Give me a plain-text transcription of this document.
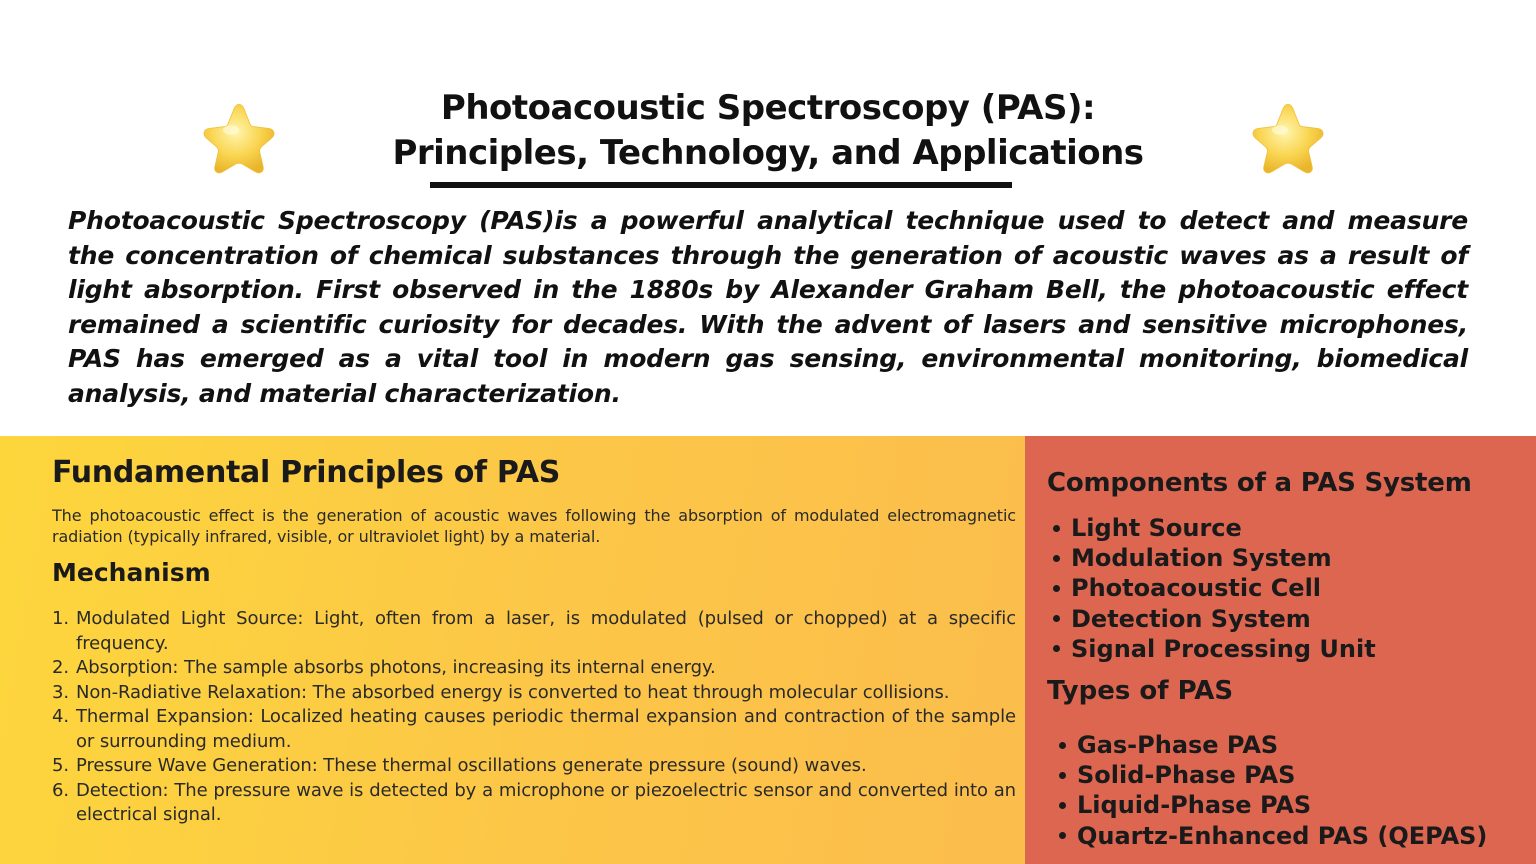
Photoacoustic Spectroscopy (PAS):
Principles, Technology, and Applications
Photoacoustic Spectroscopy (PAS)is a powerful analytical technique used to detect and measure the concentration of chemical substances through the generation of acoustic waves as a result of light absorption. First observed in the 1880s by Alexander Graham Bell, the photoacoustic effect remained a scientific curiosity for decades. With the advent of lasers and sensitive microphones, PAS has emerged as a vital tool in modern gas sensing, environmental monitoring, biomedical analysis, and material characterization.
Fundamental Principles of PAS
The photoacoustic effect is the generation of acoustic waves following the absorption of modulated electromagnetic radiation (typically infrared, visible, or ultraviolet light) by a material.
Mechanism
1. Modulated Light Source: Light, often from a laser, is modulated (pulsed or chopped) at a specific frequency.
2. Absorption: The sample absorbs photons, increasing its internal energy.
3. Non-Radiative Relaxation: The absorbed energy is converted to heat through molecular collisions.
4. Thermal Expansion: Localized heating causes periodic thermal expansion and contraction of the sample or surrounding medium.
5. Pressure Wave Generation: These thermal oscillations generate pressure (sound) waves.
6. Detection: The pressure wave is detected by a microphone or piezoelectric sensor and converted into an electrical signal.
Components of a PAS System
Light Source
Modulation System
Photoacoustic Cell
Detection System
Signal Processing Unit
Types of PAS
Gas-Phase PAS
Solid-Phase PAS
Liquid-Phase PAS
Quartz-Enhanced PAS (QEPAS)
